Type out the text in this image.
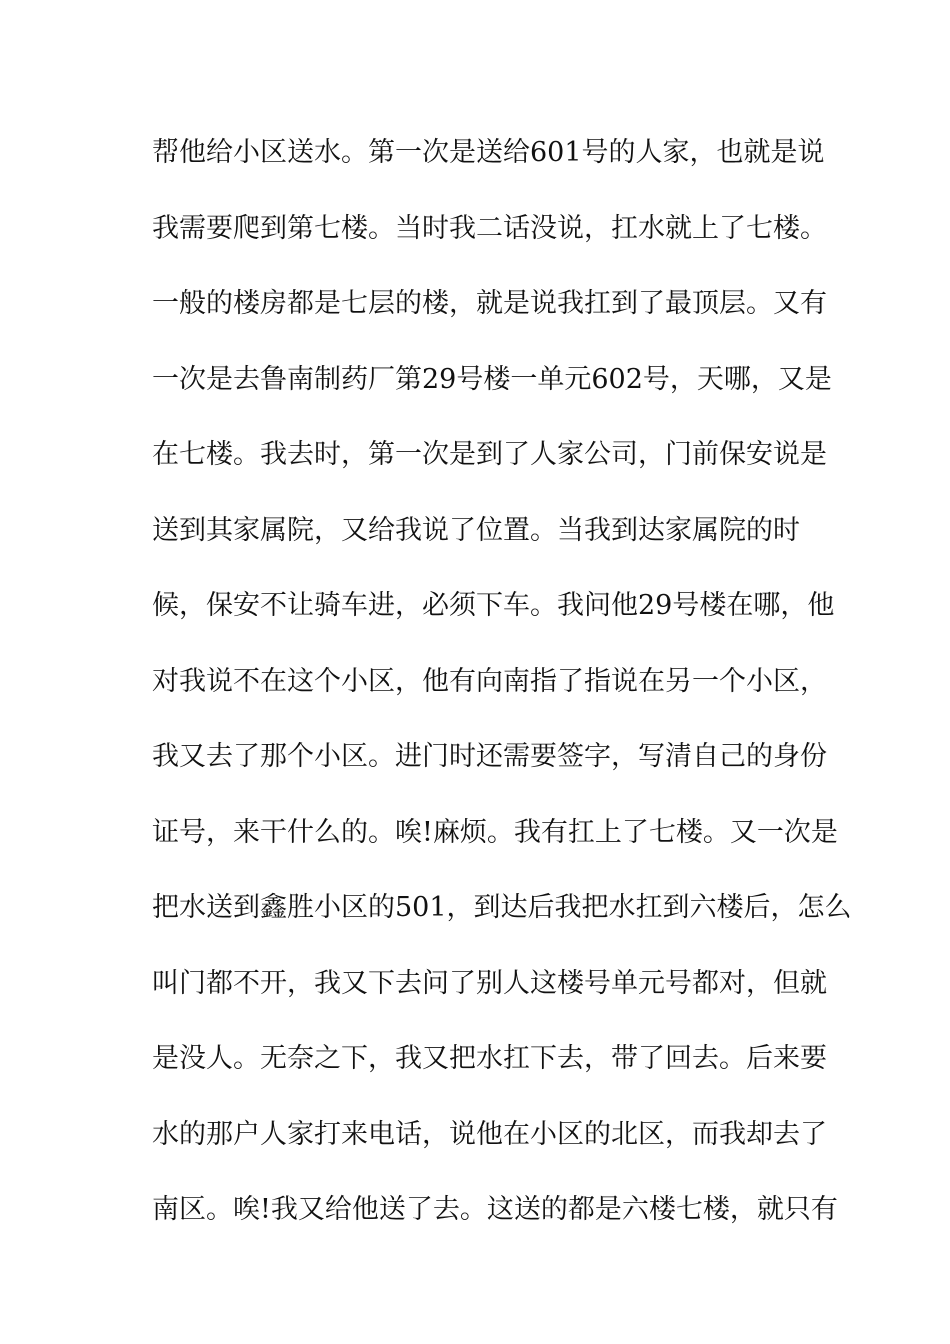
帮他给小区送水。第一次是送给601号的人家，也就是说
我需要爬到第七楼。当时我二话没说，扛水就上了七楼。
一般的楼房都是七层的楼，就是说我扛到了最顶层。又有
一次是去鲁南制药厂第29号楼一单元602号，天哪，又是
在七楼。我去时，第一次是到了人家公司，门前保安说是
送到其家属院，又给我说了位置。当我到达家属院的时
候，保安不让骑车进，必须下车。我问他29号楼在哪，他
对我说不在这个小区，他有向南指了指说在另一个小区，
我又去了那个小区。进门时还需要签字，写清自己的身份
证号，来干什么的。唉!麻烦。我有扛上了七楼。又一次是
把水送到鑫胜小区的501，到达后我把水扛到六楼后，怎么
叫门都不开，我又下去问了别人这楼号单元号都对，但就
是没人。无奈之下，我又把水扛下去，带了回去。后来要
水的那户人家打来电话，说他在小区的北区，而我却去了
南区。唉!我又给他送了去。这送的都是六楼七楼，就只有
